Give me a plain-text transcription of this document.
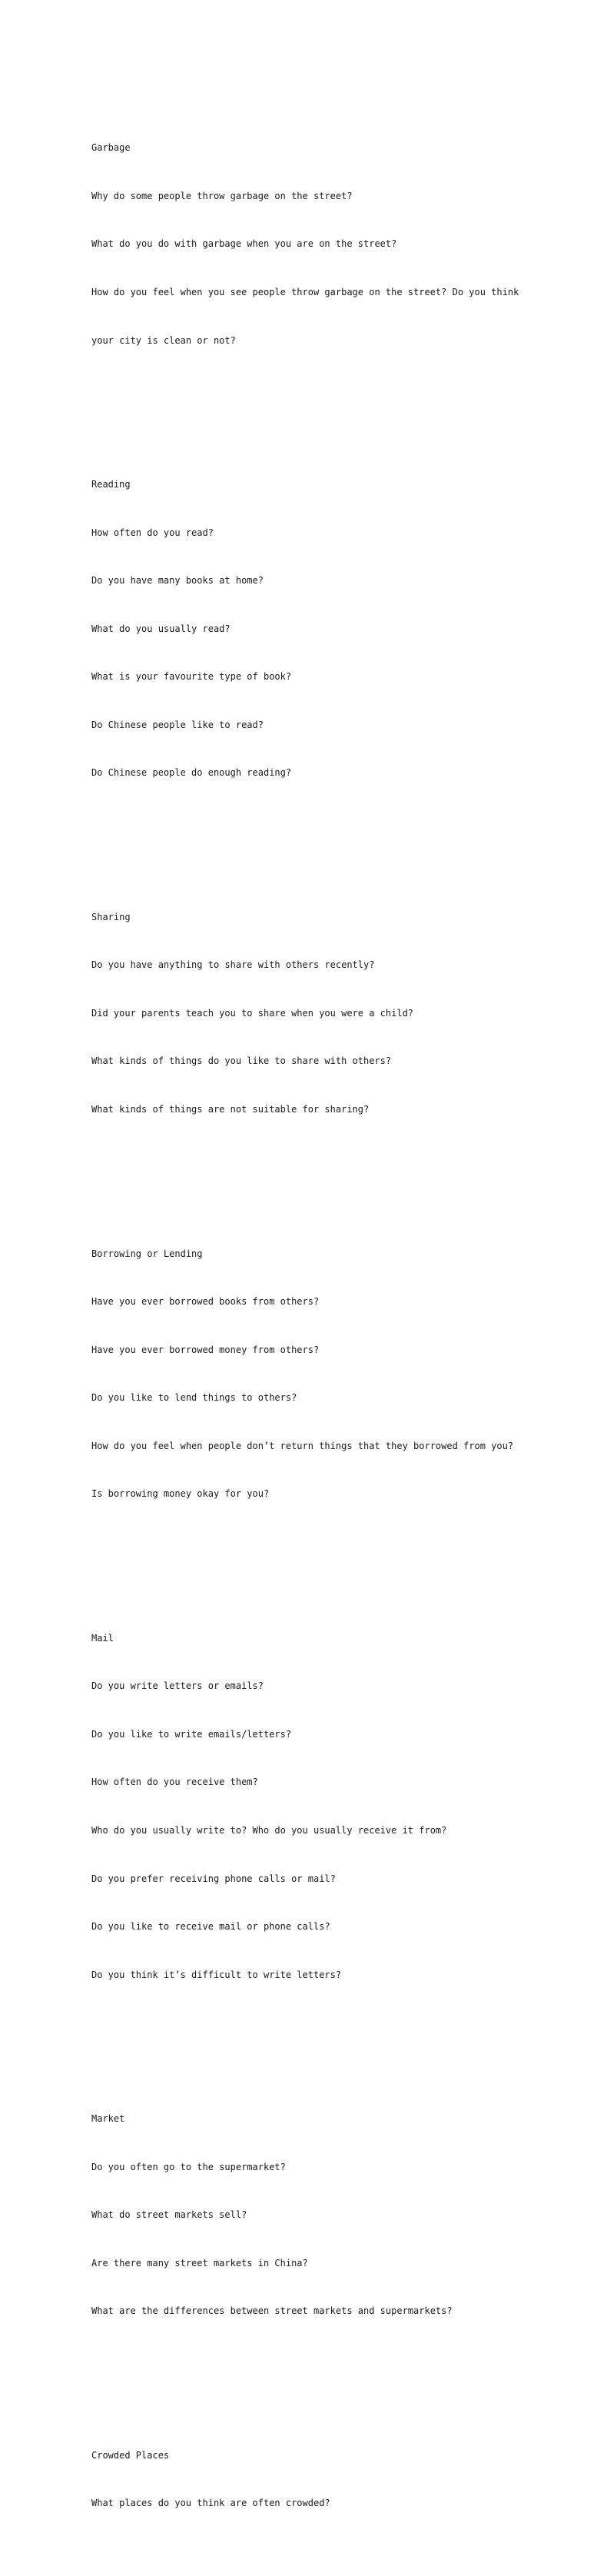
Garbage

Why do some people throw garbage on the street?

What do you do with garbage when you are on the street?

How do you feel when you see people throw garbage on the street? Do you think

your city is clean or not?

Reading

How often do you read?

Do you have many books at home?

What do you usually read?

What is your favourite type of book?

Do Chinese people like to read?

Do Chinese people do enough reading?

Sharing

Do you have anything to share with others recently?

Did your parents teach you to share when you were a child?

What kinds of things do you like to share with others?

What kinds of things are not suitable for sharing?

Borrowing or Lending

Have you ever borrowed books from others?

Have you ever borrowed money from others?

Do you like to lend things to others?

How do you feel when people don’t return things that they borrowed from you?

Is borrowing money okay for you?

Mail

Do you write letters or emails?

Do you like to write emails/letters?

How often do you receive them?

Who do you usually write to? Who do you usually receive it from?

Do you prefer receiving phone calls or mail?

Do you like to receive mail or phone calls?

Do you think it’s difficult to write letters?

Market

Do you often go to the supermarket?

What do street markets sell?

Are there many street markets in China?

What are the differences between street markets and supermarkets?

Crowded Places

What places do you think are often crowded?
